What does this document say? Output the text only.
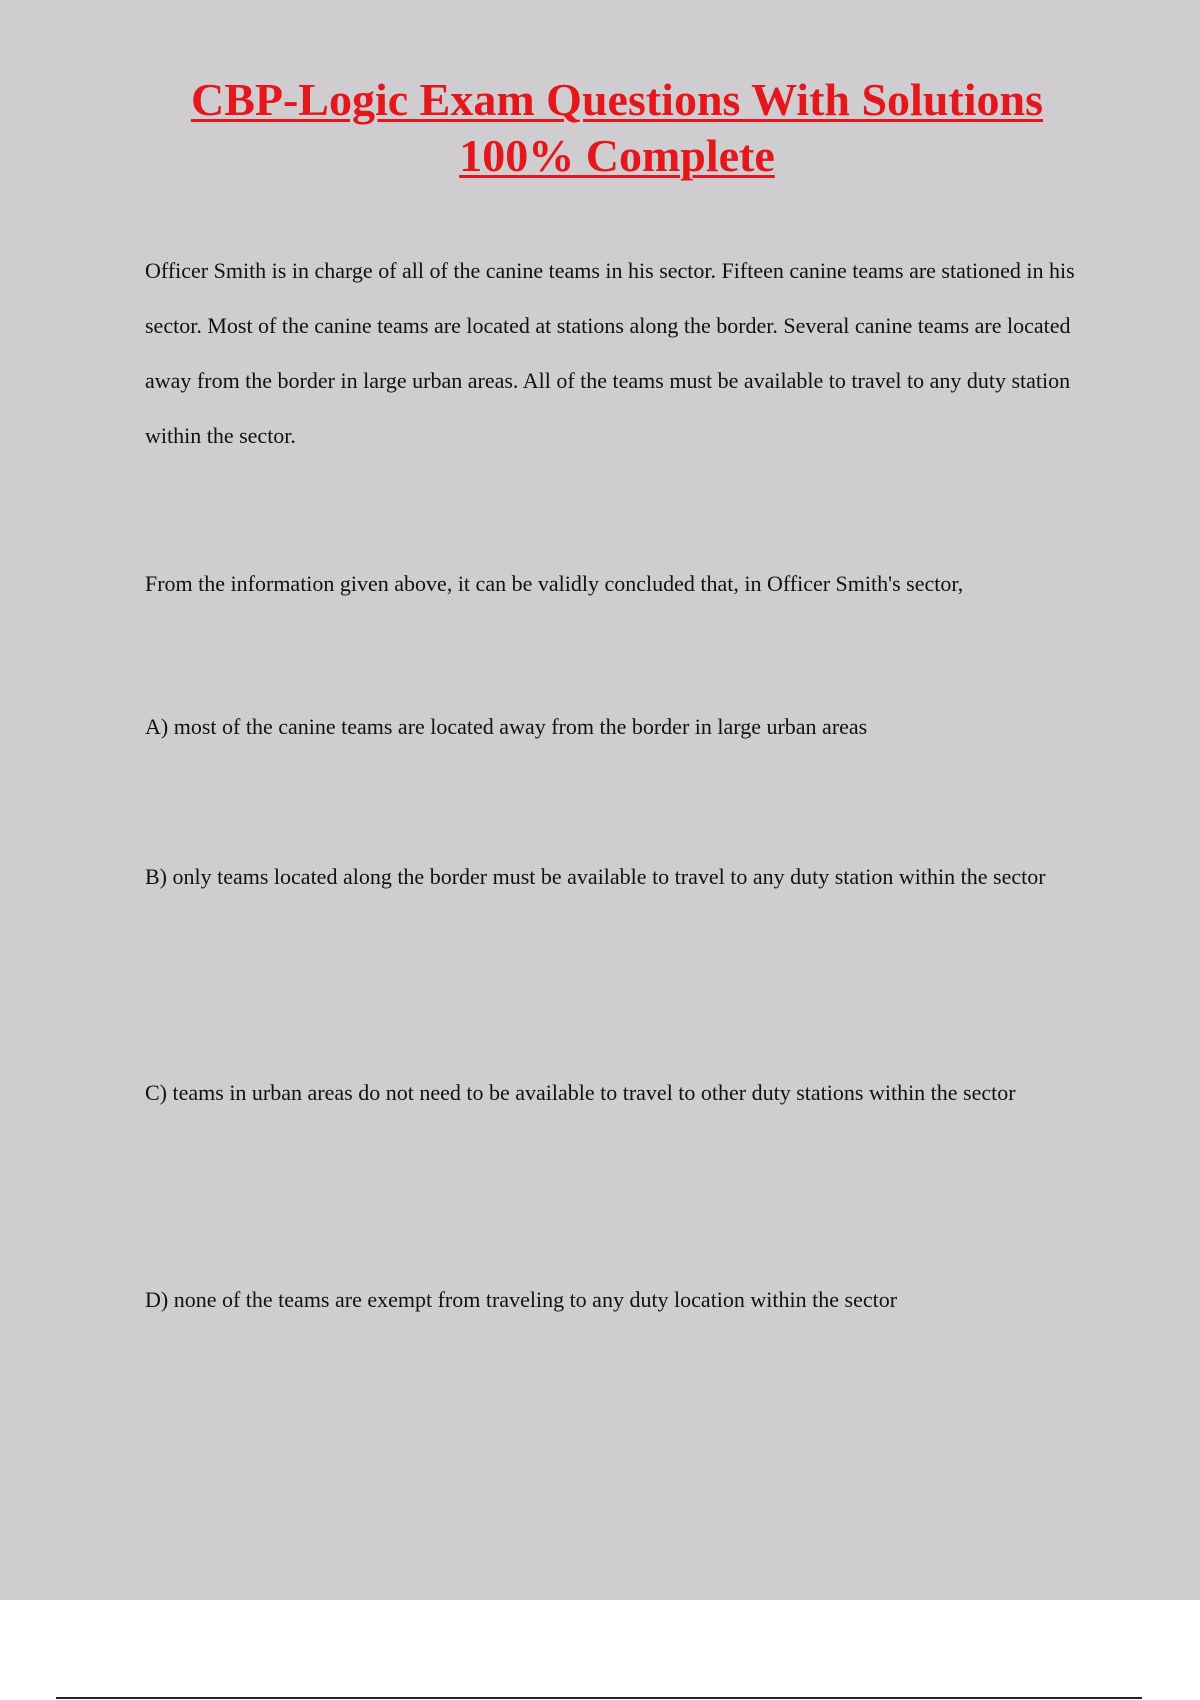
CBP-Logic Exam Questions With Solutions
100% Complete

Officer Smith is in charge of all of the canine teams in his sector. Fifteen canine teams are stationed in his sector. Most of the canine teams are located at stations along the border. Several canine teams are located away from the border in large urban areas. All of the teams must be available to travel to any duty station within the sector.

From the information given above, it can be validly concluded that, in Officer Smith's sector,

A) most of the canine teams are located away from the border in large urban areas

B) only teams located along the border must be available to travel to any duty station within the sector

C) teams in urban areas do not need to be available to travel to other duty stations within the sector

D) none of the teams are exempt from traveling to any duty location within the sector
